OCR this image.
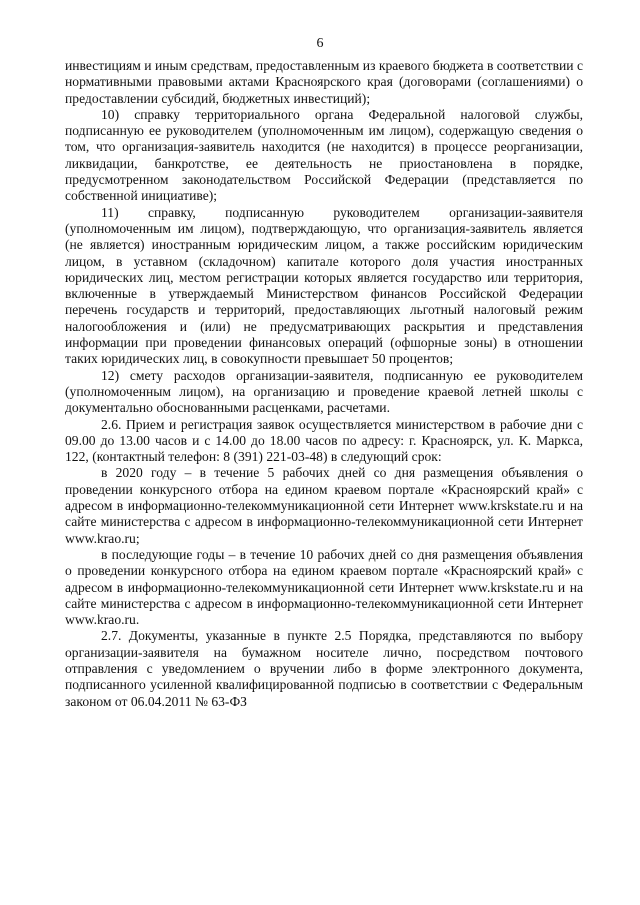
6

инвестициям и иным средствам, предоставленным из краевого бюджета в соответствии с нормативными правовыми актами Красноярского края (договорами (соглашениями) о предоставлении субсидий, бюджетных инвестиций);

10) справку территориального органа Федеральной налоговой службы, подписанную ее руководителем (уполномоченным им лицом), содержащую сведения о том, что организация-заявитель находится (не находится) в процессе реорганизации, ликвидации, банкротстве, ее деятельность не приостановлена в порядке, предусмотренном законодательством Российской Федерации (представляется по собственной инициативе);

11) справку, подписанную руководителем организации-заявителя (уполномоченным им лицом), подтверждающую, что организация-заявитель является (не является) иностранным юридическим лицом, а также российским юридическим лицом, в уставном (складочном) капитале которого доля участия иностранных юридических лиц, местом регистрации которых является государство или территория, включенные в утверждаемый Министерством финансов Российской Федерации перечень государств и территорий, предоставляющих льготный налоговый режим налогообложения и (или) не предусматривающих раскрытия и представления информации при проведении финансовых операций (офшорные зоны) в отношении таких юридических лиц, в совокупности превышает 50 процентов;

12) смету расходов организации-заявителя, подписанную ее руководителем (уполномоченным лицом), на организацию и проведение краевой летней школы с документально обоснованными расценками, расчетами.

2.6. Прием и регистрация заявок осуществляется министерством в рабочие дни с 09.00 до 13.00 часов и с 14.00 до 18.00 часов по адресу: г. Красноярск, ул. К. Маркса, 122, (контактный телефон: 8 (391) 221-03-48) в следующий срок:

в 2020 году – в течение 5 рабочих дней со дня размещения объявления о проведении конкурсного отбора на едином краевом портале «Красноярский край» с адресом в информационно-телекоммуникационной сети Интернет www.krskstate.ru и на сайте министерства с адресом в информационно-телекоммуникационной сети Интернет www.krao.ru;

в последующие годы – в течение 10 рабочих дней со дня размещения объявления о проведении конкурсного отбора на едином краевом портале «Красноярский край» с адресом в информационно-телекоммуникационной сети Интернет www.krskstate.ru и на сайте министерства с адресом в информационно-телекоммуникационной сети Интернет www.krao.ru.

2.7. Документы, указанные в пункте 2.5 Порядка, представляются по выбору организации-заявителя на бумажном носителе лично, посредством почтового отправления с уведомлением о вручении либо в форме электронного документа, подписанного усиленной квалифицированной подписью в соответствии с Федеральным законом от 06.04.2011 № 63-ФЗ
